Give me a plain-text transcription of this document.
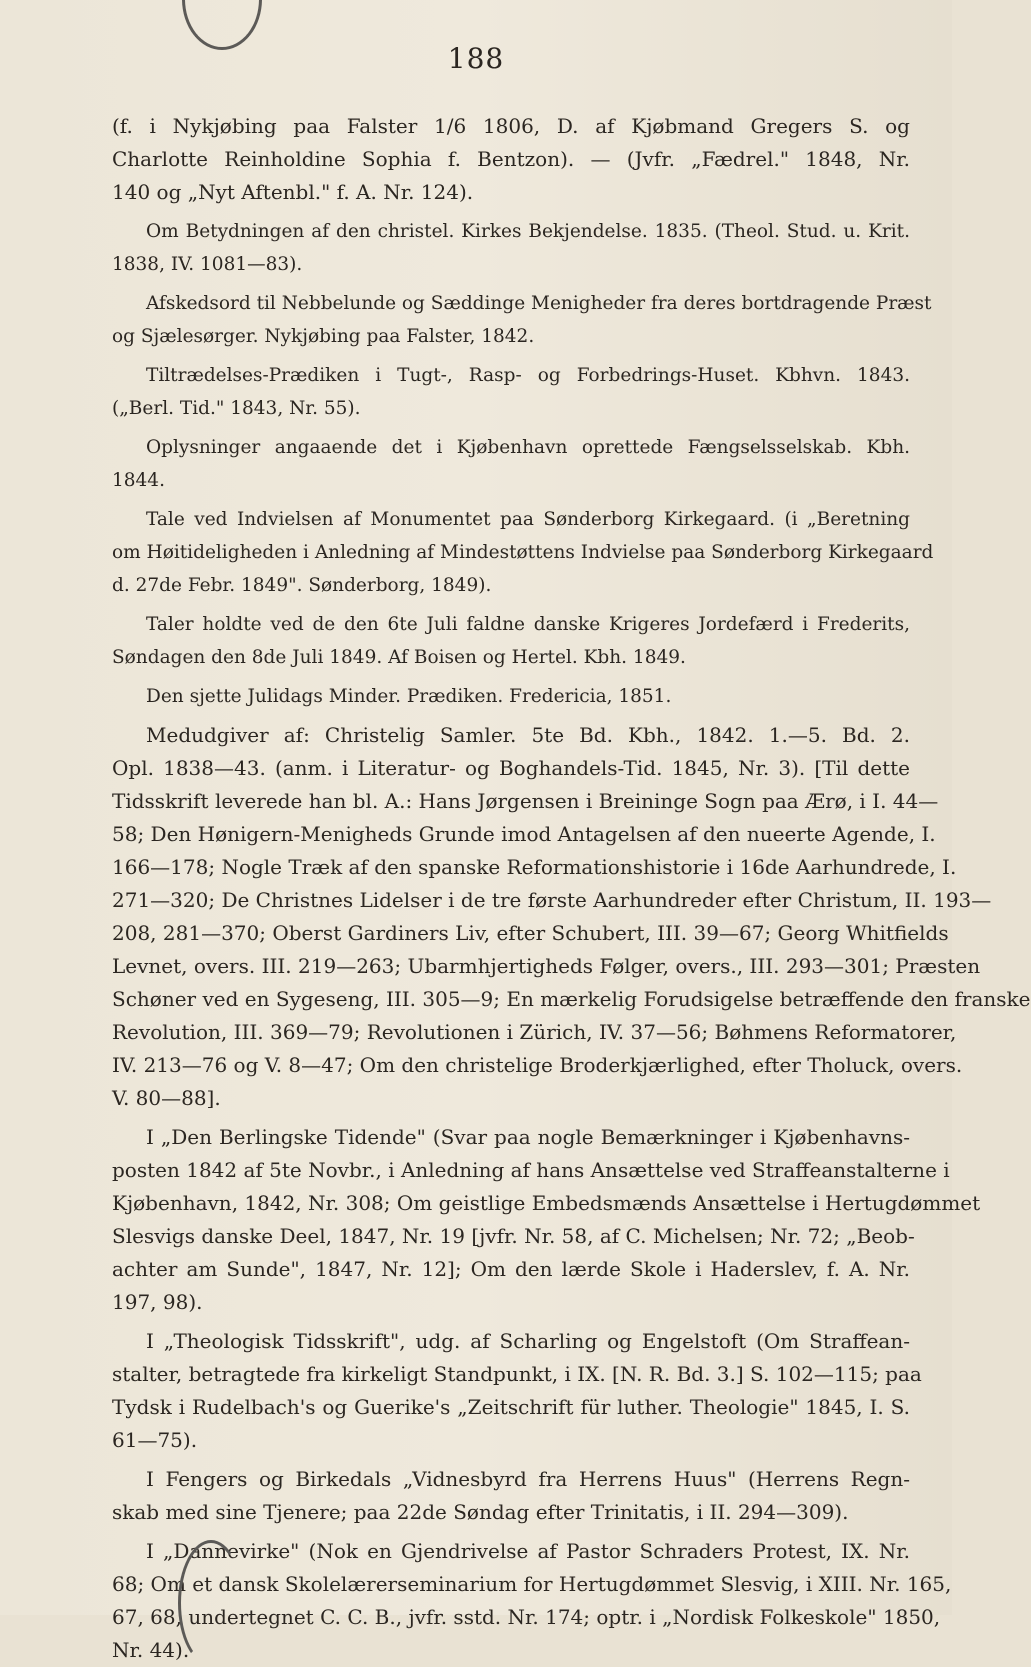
188
(f. i Nykjøbing paa Falster 1/6 1806, D. af Kjøbmand Gregers S. og
Charlotte Reinholdine Sophia f. Bentzon). — (Jvfr. „Fædrel." 1848, Nr.
140 og „Nyt Aftenbl." f. A. Nr. 124).
Om Betydningen af den christel. Kirkes Bekjendelse. 1835. (Theol. Stud. u. Krit.
1838, IV. 1081—83).
Afskedsord til Nebbelunde og Sæddinge Menigheder fra deres bortdragende Præst
og Sjælesørger. Nykjøbing paa Falster, 1842.
Tiltrædelses-Prædiken i Tugt-, Rasp- og Forbedrings-Huset. Kbhvn. 1843.
(„Berl. Tid." 1843, Nr. 55).
Oplysninger angaaende det i Kjøbenhavn oprettede Fængselsselskab. Kbh.
1844.
Tale ved Indvielsen af Monumentet paa Sønderborg Kirkegaard. (i „Beretning
om Høitideligheden i Anledning af Mindestøttens Indvielse paa Sønderborg Kirkegaard
d. 27de Febr. 1849". Sønderborg, 1849).
Taler holdte ved de den 6te Juli faldne danske Krigeres Jordefærd i Frederits,
Søndagen den 8de Juli 1849. Af Boisen og Hertel. Kbh. 1849.
Den sjette Julidags Minder. Prædiken. Fredericia, 1851.
Medudgiver af: Christelig Samler. 5te Bd. Kbh., 1842. 1.—5. Bd. 2.
Opl. 1838—43. (anm. i Literatur- og Boghandels-Tid. 1845, Nr. 3). [Til dette
Tidsskrift leverede han bl. A.: Hans Jørgensen i Breininge Sogn paa Ærø, i I. 44—
58; Den Hønigern-Menigheds Grunde imod Antagelsen af den nueerte Agende, I.
166—178; Nogle Træk af den spanske Reformationshistorie i 16de Aarhundrede, I.
271—320; De Christnes Lidelser i de tre første Aarhundreder efter Christum, II. 193—
208, 281—370; Oberst Gardiners Liv, efter Schubert, III. 39—67; Georg Whitfields
Levnet, overs. III. 219—263; Ubarmhjertigheds Følger, overs., III. 293—301; Præsten
Schøner ved en Sygeseng, III. 305—9; En mærkelig Forudsigelse betræffende den franske
Revolution, III. 369—79; Revolutionen i Zürich, IV. 37—56; Bøhmens Reformatorer,
IV. 213—76 og V. 8—47; Om den christelige Broderkjærlighed, efter Tholuck, overs.
V. 80—88].
I „Den Berlingske Tidende" (Svar paa nogle Bemærkninger i Kjøbenhavns-
posten 1842 af 5te Novbr., i Anledning af hans Ansættelse ved Straffeanstalterne i
Kjøbenhavn, 1842, Nr. 308; Om geistlige Embedsmænds Ansættelse i Hertugdømmet
Slesvigs danske Deel, 1847, Nr. 19 [jvfr. Nr. 58, af C. Michelsen; Nr. 72; „Beob-
achter am Sunde", 1847, Nr. 12]; Om den lærde Skole i Haderslev, f. A. Nr.
197, 98).
I „Theologisk Tidsskrift", udg. af Scharling og Engelstoft (Om Straffean-
stalter, betragtede fra kirkeligt Standpunkt, i IX. [N. R. Bd. 3.] S. 102—115; paa
Tydsk i Rudelbach's og Guerike's „Zeitschrift für luther. Theologie" 1845, I. S.
61—75).
I Fengers og Birkedals „Vidnesbyrd fra Herrens Huus" (Herrens Regn-
skab med sine Tjenere; paa 22de Søndag efter Trinitatis, i II. 294—309).
I „Dannevirke" (Nok en Gjendrivelse af Pastor Schraders Protest, IX. Nr.
68; Om et dansk Skolelærerseminarium for Hertugdømmet Slesvig, i XIII. Nr. 165,
67, 68, undertegnet C. C. B., jvfr. sstd. Nr. 174; optr. i „Nordisk Folkeskole" 1850,
Nr. 44).
